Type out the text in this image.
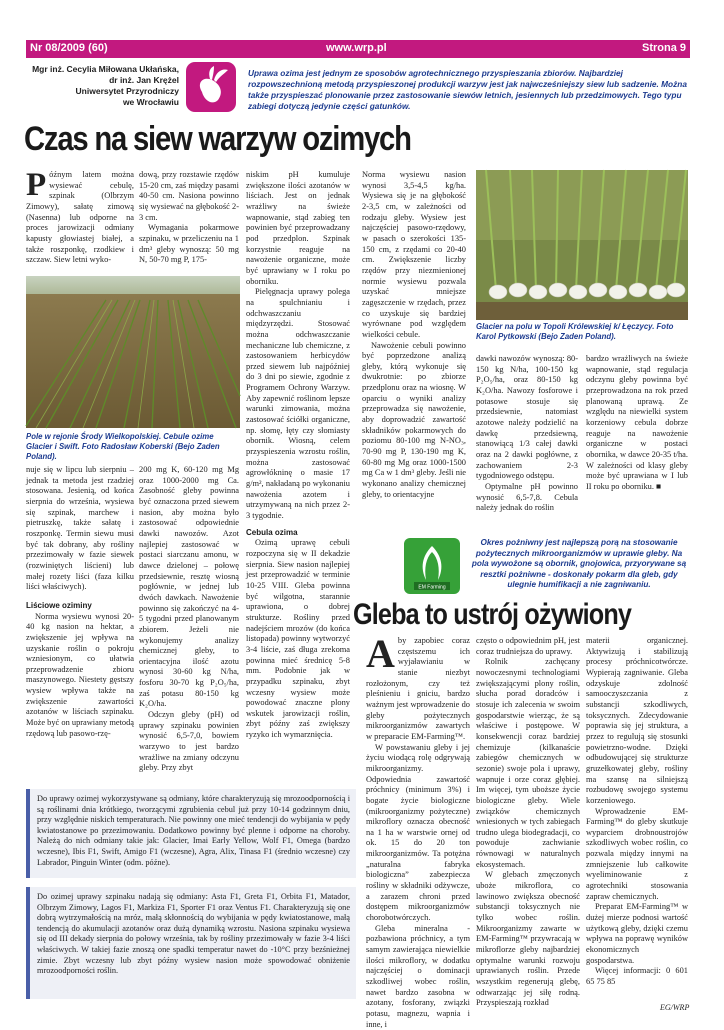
Nr 08/2009 (60)	www.wrp.pl	Strona 9
Mgr inż. Cecylia Miłowana Ukłańska,
dr inż. Jan Krężel
Uniwersytet Przyrodniczy
we Wrocławiu
Uprawa ozima jest jednym ze sposobów agrotechnicznego przyspieszania zbiorów. Najbardziej rozpowszechnioną metodą przyspieszonej produkcji warzyw jest jak najwcześniejszy siew lub sadzenie. Można także przyspieszać plonowanie przez zastosowanie siewów letnich, jesiennych lub przedzimowych. Tego typu zabiegi dotyczą jedynie części gatunków.
Czas na siew warzyw ozimych

Późnym latem można wysiewać cebulę, szpinak (Olbrzym Zimowy), sałatę zimową (Nasenna) lub odporne na proces jarowizacji odmiany kapusty głowiastej białej, a także roszponkę, rzodkiew i szczaw. Siew letni wyko-

dową, przy rozstawie rzędów 15-20 cm, zaś między pasami 40-50 cm. Nasiona powinno się wysiewać na głębokość 2-3 cm.

Wymagania pokarmowe szpinaku, w przeliczeniu na 1 dm³ gleby wynoszą: 50 mg N, 50-70 mg P, 175-

Pole w rejonie Środy Wielkopolskiej. Cebule ozime Glacier i Swift. Foto Radosław Koberski (Bejo Zaden Poland).

nuje się w lipcu lub sierpniu – jednak ta metoda jest rzadziej stosowana. Jesienią, od końca sierpnia do września, wysiewa się szpinak, marchew i pietruszkę, także sałatę i roszponkę. Termin siewu musi być tak dobrany, aby rośliny przezimowały w fazie siewek (rozwiniętych liścieni) lub małej rozety liści (faza kilku liści właściwych).

Liściowe oziminy

Norma wysiewu wynosi 20-40 kg nasion na hektar, a zwiększenie jej wpływa na uzyskanie roślin o pokroju wzniesionym, co ułatwia przeprowadzenie zbioru maszynowego. Niestety gęstszy wysiew wpływa także na zwiększenie zawartości azotanów w liściach szpinaku. Może być on uprawiany metodą rzędową lub pasowo-rzę-

200 mg K, 60-120 mg Mg oraz 1000-2000 mg Ca. Zasobność gleby powinna być oznaczona przed siewem nasion, aby można było zastosować odpowiednie dawki nawozów. Azot najlepiej zastosować w postaci siarczanu amonu, w dawce dzielonej – połowę przedsiewnie, resztę wiosną pogłównie, w jednej lub dwóch dawkach. Nawożenie powinno się zakończyć na 4-5 tygodni przed planowanym zbiorem. Jeżeli nie wykonujemy analizy chemicznej gleby, to orientacyjna ilość azotu wynosi 30-60 kg N/ha, fosforu 30-70 kg P₂O₅/ha, zaś potasu 80-150 kg K₂O/ha.

Odczyn gleby (pH) od uprawy szpinaku powinien wynosić 6,5-7,0, bowiem warzywo to jest bardzo wrażliwe na zmiany odczynu gleby. Przy zbyt

niskim pH kumuluje zwiększone ilości azotanów w liściach. Jest on jednak wrażliwy na świeże wapnowanie, stąd zabieg ten powinien być przeprowadzany pod przedplon. Szpinak korzystnie reaguje na nawożenie organiczne, może być uprawiany w I roku po oborniku.

Pielęgnacja uprawy polega na spulchnianiu i odchwaszczaniu międzyrzędzi. Stosować można odchwaszczanie mechaniczne lub chemiczne, z zastosowaniem herbicydów przed siewem lub najpóźniej do 3 dni po siewie, zgodnie z Programem Ochrony Warzyw. Aby zapewnić roślinom lepsze warunki zimowania, można zastosować ściółki organiczne, np. słomę, łęty czy słomiasty obornik. Wiosną, celem przyspieszenia wzrostu roślin, można zastosować agrowłókninę o masie 17 g/m², nakładaną po wykonaniu nawożenia azotem i utrzymywaną na nich przez 2-3 tygodnie.

Cebula ozima

Ozimą uprawę cebuli rozpoczyna się w II dekadzie sierpnia. Siew nasion najlepiej jest przeprowadzić w terminie 10-25 VIII. Gleba powinna być wilgotna, starannie uprawiona, o dobrej strukturze. Rośliny przed nadejściem mrozów (do końca listopada) powinny wytworzyć 3-4 liście, zaś długa zrekoma powinna mieć średnicę 5-8 mm. Podobnie jak w przypadku szpinaku, zbyt wczesny wysiew może powodować znaczne plony wskutek jarowizacji roślin, zbyt późny zaś zwiększy ryzyko ich wymarznięcia.

Norma wysiewu nasion wynosi 3,5-4,5 kg/ha. Wysiewa się je na głębokość 2-3,5 cm, w zależności od rodzaju gleby. Wysiew jest najczęściej pasowo-rzędowy, w pasach o szerokości 135-150 cm, z rzędami co 20-40 cm. Zwiększenie liczby rzędów przy niezmienionej normie wysiewu pozwala uzyskać mniejsze zagęszczenie w rzędach, przez co uzyskuje się bardziej wyrównane pod względem wielkości cebule.

Nawożenie cebuli powinno być poprzedzone analizą gleby, którą wykonuje się dwukrotnie: po zbiorze przedplonu oraz na wiosnę. W oparciu o wyniki analizy przeprowadza się nawożenie, aby doprowadzić zawartość składników pokarmowych do poziomu 80-100 mg N-NO₃, 70-90 mg P, 130-190 mg K, 60-80 mg Mg oraz 1000-1500 mg Ca w 1 dm³ gleby. Jeśli nie wykonano analizy chemicznej gleby, to orientacyjne

Glacier na polu w Topoli Królewskiej k/ Łęczycy. Foto Karol Pytkowski (Bejo Zaden Poland).

dawki nawozów wynoszą: 80-150 kg N/ha, 100-150 kg P₂O₅/ha, oraz 80-150 kg K₂O/ha. Nawozy fosforowe i potasowe stosuje się przedsiewnie, natomiast azotowe należy podzielić na dawkę przedsiewną, stanowiącą 1/3 całej dawki oraz na 2 dawki pogłówne, z zachowaniem 2-3 tygodniowego odstępu.

Optymalne pH powinno wynosić 6,5-7,8. Cebula należy jednak do roślin

bardzo wrażliwych na świeże wapnowanie, stąd regulacja odczynu gleby powinna być przeprowadzona na rok przed planowaną uprawą. Ze względu na niewielki system korzeniowy cebula dobrze reaguje na nawożenie organiczne w postaci obornika, w dawce 20-35 t/ha. W zależności od klasy gleby może być uprawiana w I lub II roku po oborniku. ■

EM Farming
Okres pożniwny jest najlepszą porą na stosowanie pożytecznych mikroorganizmów w uprawie gleby. Na pola wywożone są obornik, gnojowica, przyorywane są resztki pożniwne - doskonały pokarm dla gleb, gdy ulegnie humifikacji a nie zagniwaniu.
Gleba to ustrój ożywiony

Aby zapobiec coraz częstszemu ich wyjaławianiu w stanie niezbyt rozłożonym, czy też pleśnieniu i gniciu, bardzo ważnym jest wprowadzenie do gleby pożytecznych mikroorganizmów zawartych w preparacie EM-Farming™.

W powstawaniu gleby i jej życiu wiodącą rolę odgrywają mikroorganizmy. Odpowiednia zawartość próchnicy (minimum 3%) i bogate życie biologiczne (mikroorganizmy pożyteczne) mikroflory oznacza obecność na 1 ha w warstwie ornej od ok. 15 do 20 ton mikroorganizmów. Ta potężna „naturalna fabryka biologiczna” zabezpiecza rośliny w składniki odżywcze, a zarazem chroni przed dostępem mikroorganizmów chorobotwórczych.

Gleba mineralna - pozbawiona próchnicy, a tym samym zawierająca niewielkie ilości mikroflory, w dodatku najczęściej o dominacji szkodliwej wobec roślin, nawet bardzo zasobna w azotany, fosforany, związki potasu, magnezu, wapnia i inne, i

często o odpowiednim pH, jest coraz trudniejsza do uprawy.

Rolnik zachęcany nowoczesnymi technologiami zwiększającymi plony roślin, słucha porad doradców i stosuje ich zalecenia w swoim gospodarstwie wierząc, że są właściwe i postępowe. W konsekwencji coraz bardziej chemizuje (kilkanaście zabiegów chemicznych w sezonie) swoje pola i uprawy, wapnuje i orze coraz głębiej. Im więcej, tym uboższe życie biologiczne gleby. Wiele związków chemicznych wniesionych w tych zabiegach trudno ulega biodegradacji, co powoduje zachwianie równowagi w naturalnych ekosystemach.

W glebach zmęczonych uboże mikroflora, co lawinowo zwiększa obecność substancji toksycznych nie tylko wobec roślin. Mikroorganizmy zawarte w EM-Farming™ przywracają w mikroflorze gleby najbardziej optymalne warunki rozwoju uprawianych roślin. Przede wszystkim regenerują glebę, odtwarzając jej siłę rodną. Przyspieszają rozkład

materii organicznej. Aktywizują i stabilizują procesy próchnicotwórcze. Wypierają zagniwanie. Gleba odzyskuje zdolność samooczyszczania z substancji szkodliwych, toksycznych. Zdecydowanie poprawia się jej struktura, a przez to regulują się stosunki powietrzno-wodne. Dzięki odbudowującej się strukturze gruzełkowatej gleby, rośliny ma szansę na silniejszą rozbudowę swojego systemu korzeniowego.

Wprowadzenie EM-Farming™ do gleby skutkuje wyparciem drobnoustrojów szkodliwych wobec roślin, co pozwala między innymi na zmniejszenie lub całkowite wyeliminowanie z agrotechniki stosowania zapraw chemicznych.

Preparat EM-Farming™ w dużej mierze podnosi wartość użytkową gleby, dzięki czemu wpływa na poprawę wyników ekonomicznych gospodarstwa.

Więcej informacji: 0 601 65 75 85

Do uprawy ozimej wykorzystywane są odmiany, które charakteryzują się mrozoodpornością i są roślinami dnia krótkiego, tworzącymi zgrubienia cebul już przy 10-14 godzinnym dniu, przy względnie niskich temperaturach. Nie powinny one mieć tendencji do wybijania w pędy kwiatostanowe po przezimowaniu. Dodatkowo powinny być plenne i odporne na choroby. Należą do nich odmiany takie jak: Glacier, Imai Early Yellow, Wolf F1, Omega (bardzo wczesne), Ibis F1, Swift, Amigo F1 (wczesne), Agra, Alix, Tinasa F1 (średnio wczesne) czy Labrador, Pinguin Winter (odm. późne).

Do ozimej uprawy szpinaku nadają się odmiany: Asta F1, Greta F1, Orbita F1, Matador, Olbrzym Zimowy, Lagos F1, Markiza F1, Sporter F1 oraz Ventus F1. Charakteryzują się one dobrą wytrzymałością na mróz, małą skłonnością do wybijania w pędy kwiatostanowe, małą tendencją do akumulacji azotanów oraz dużą dynamiką wzrostu. Nasiona szpinaku wysiewa się od III dekady sierpnia do połowy września, tak by rośliny przezimowały w fazie 3-4 liści właściwych. W takiej fazie znoszą one spadki temperatur nawet do -10°C przy bezśnieżnej zimie. Zbyt wczesny lub zbyt późny wysiew nasion może spowodować obniżenie mrozoodporności roślin.

EG/WRP
